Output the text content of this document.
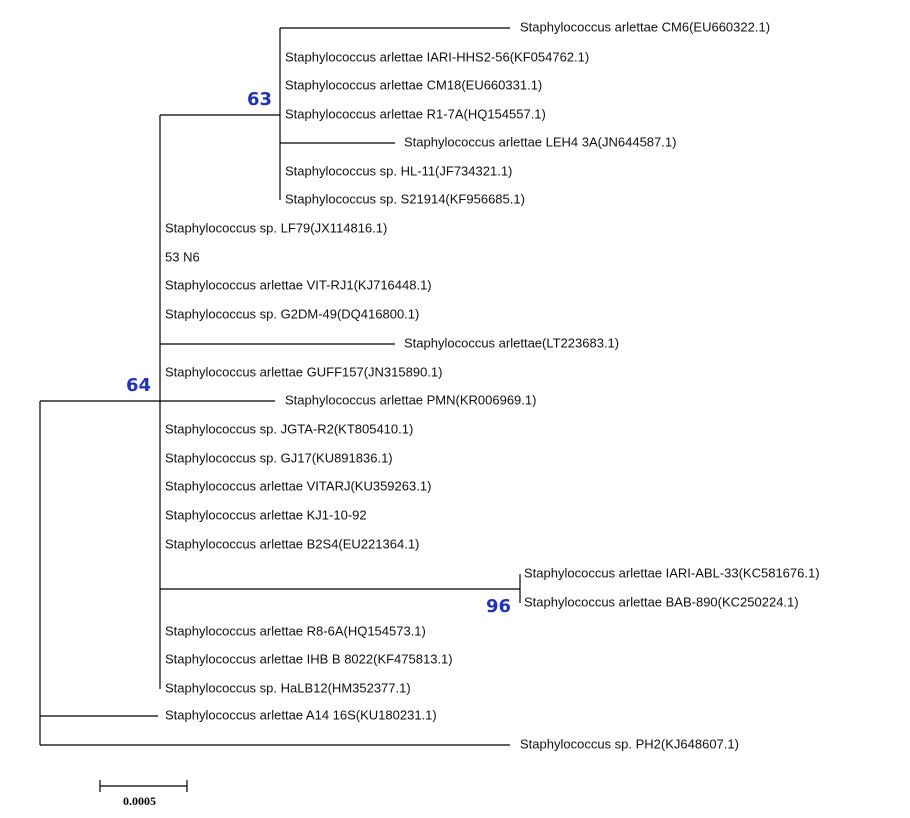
Staphylococcus arlettae CM6(EU660322.1)
Staphylococcus arlettae IARI-HHS2-56(KF054762.1)
Staphylococcus arlettae CM18(EU660331.1)
Staphylococcus arlettae R1-7A(HQ154557.1)
Staphylococcus arlettae LEH4 3A(JN644587.1)
Staphylococcus sp. HL-11(JF734321.1)
Staphylococcus sp. S21914(KF956685.1)
Staphylococcus sp. LF79(JX114816.1)
53 N6
Staphylococcus arlettae VIT-RJ1(KJ716448.1)
Staphylococcus sp. G2DM-49(DQ416800.1)
Staphylococcus arlettae(LT223683.1)
Staphylococcus arlettae GUFF157(JN315890.1)
Staphylococcus arlettae PMN(KR006969.1)
Staphylococcus sp. JGTA-R2(KT805410.1)
Staphylococcus sp. GJ17(KU891836.1)
Staphylococcus arlettae VITARJ(KU359263.1)
Staphylococcus arlettae KJ1-10-92
Staphylococcus arlettae B2S4(EU221364.1)
Staphylococcus arlettae IARI-ABL-33(KC581676.1)
Staphylococcus arlettae BAB-890(KC250224.1)
Staphylococcus arlettae R8-6A(HQ154573.1)
Staphylococcus arlettae IHB B 8022(KF475813.1)
Staphylococcus sp. HaLB12(HM352377.1)
Staphylococcus arlettae A14 16S(KU180231.1)
Staphylococcus sp. PH2(KJ648607.1)
63
64
96
0.0005
